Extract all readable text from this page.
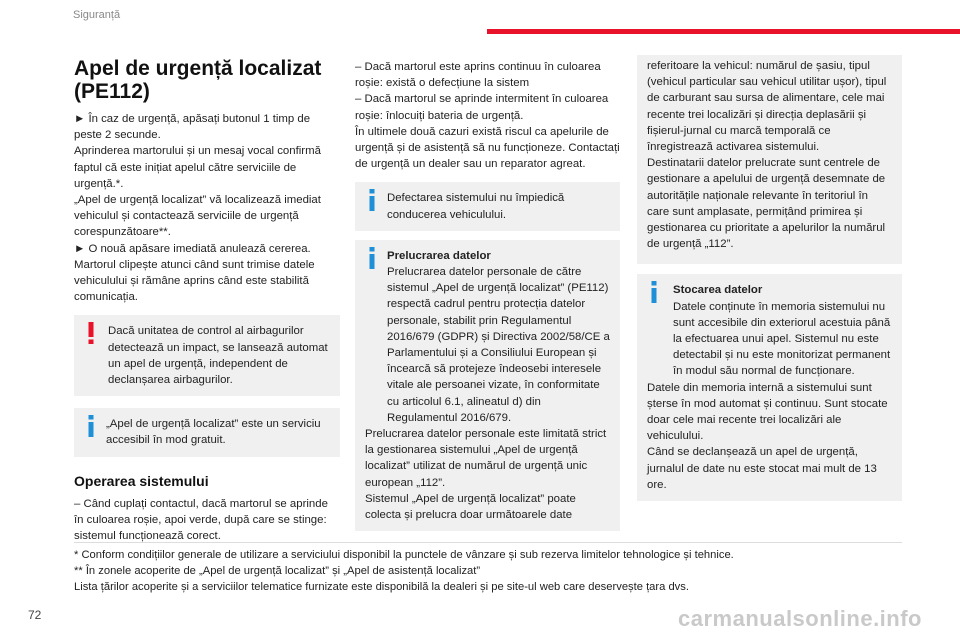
Siguranță
Apel de urgență localizat
(PE112)

► În caz de urgență, apăsați butonul 1 timp de peste 2 secunde.

Aprinderea martorului și un mesaj vocal confirmă faptul că este inițiat apelul către serviciile de urgență.*.

„Apel de urgență localizat” vă localizează imediat vehiculul și contactează serviciile de urgență corespunzătoare**.

► O nouă apăsare imediată anulează cererea.

Martorul clipește atunci când sunt trimise datele vehiculului și rămâne aprins când este stabilită comunicația.

Dacă unitatea de control al airbagurilor detectează un impact, se lansează automat un apel de urgență, independent de declanșarea airbagurilor.
„Apel de urgență localizat” este un serviciu accesibil în mod gratuit.
Operarea sistemului

– Când cuplați contactul, dacă martorul se aprinde în culoarea roșie, apoi verde, după care se stinge: sistemul funcționează corect.

– Dacă martorul este aprins continuu în culoarea roșie: există o defecțiune la sistem

– Dacă martorul se aprinde intermitent în culoarea roșie: înlocuiți bateria de urgență.

În ultimele două cazuri există riscul ca apelurile de urgență și de asistență să nu funcționeze. Contactați de urgență un dealer sau un reparator agreat.

Defectarea sistemului nu împiedică conducerea vehiculului.
Prelucrarea datelor
Prelucrarea datelor personale de către sistemul „Apel de urgență localizat” (PE112) respectă cadrul pentru protecția datelor personale, stabilit prin Regulamentul 2016/679 (GDPR) și Directiva 2002/58/CE a Parlamentului și a Consiliului European și încearcă să protejeze îndeosebi interesele vitale ale persoanei vizate, în conformitate cu articolul 6.1, alineatul d) din Regulamentul 2016/679.
Prelucrarea datelor personale este limitată strict la gestionarea sistemului „Apel de urgență localizat” utilizat de numărul de urgență unic european „112”.
Sistemul „Apel de urgență localizat” poate colecta și prelucra doar următoarele date

referitoare la vehicul: numărul de șasiu, tipul (vehicul particular sau vehicul utilitar ușor), tipul de carburant sau sursa de alimentare, cele mai recente trei localizări și direcția deplasării și fișierul-jurnal cu marcă temporală ce înregistrează activarea sistemului.

Destinatarii datelor prelucrate sunt centrele de gestionare a apelului de urgență desemnate de autoritățile naționale relevante în teritoriul în care sunt amplasate, permițând primirea și gestionarea cu prioritate a apelurilor la numărul de urgență „112”.

Stocarea datelor
Datele conținute în memoria sistemului nu sunt accesibile din exteriorul acestuia până la efectuarea unui apel. Sistemul nu este detectabil și nu este monitorizat permanent în modul său normal de funcționare.
Datele din memoria internă a sistemului sunt șterse în mod automat și continuu. Sunt stocate doar cele mai recente trei localizări ale vehiculului.
Când se declanșează un apel de urgență, jurnalul de date nu este stocat mai mult de 13 ore.

* Conform condițiilor generale de utilizare a serviciului disponibil la punctele de vânzare și sub rezerva limitelor tehnologice și tehnice.

** În zonele acoperite de „Apel de urgență localizat” și „Apel de asistență localizat”

Lista țărilor acoperite și a serviciilor telematice furnizate este disponibilă la dealeri și pe site-ul web care deservește țara dvs.

72	carmanualsonline.info
